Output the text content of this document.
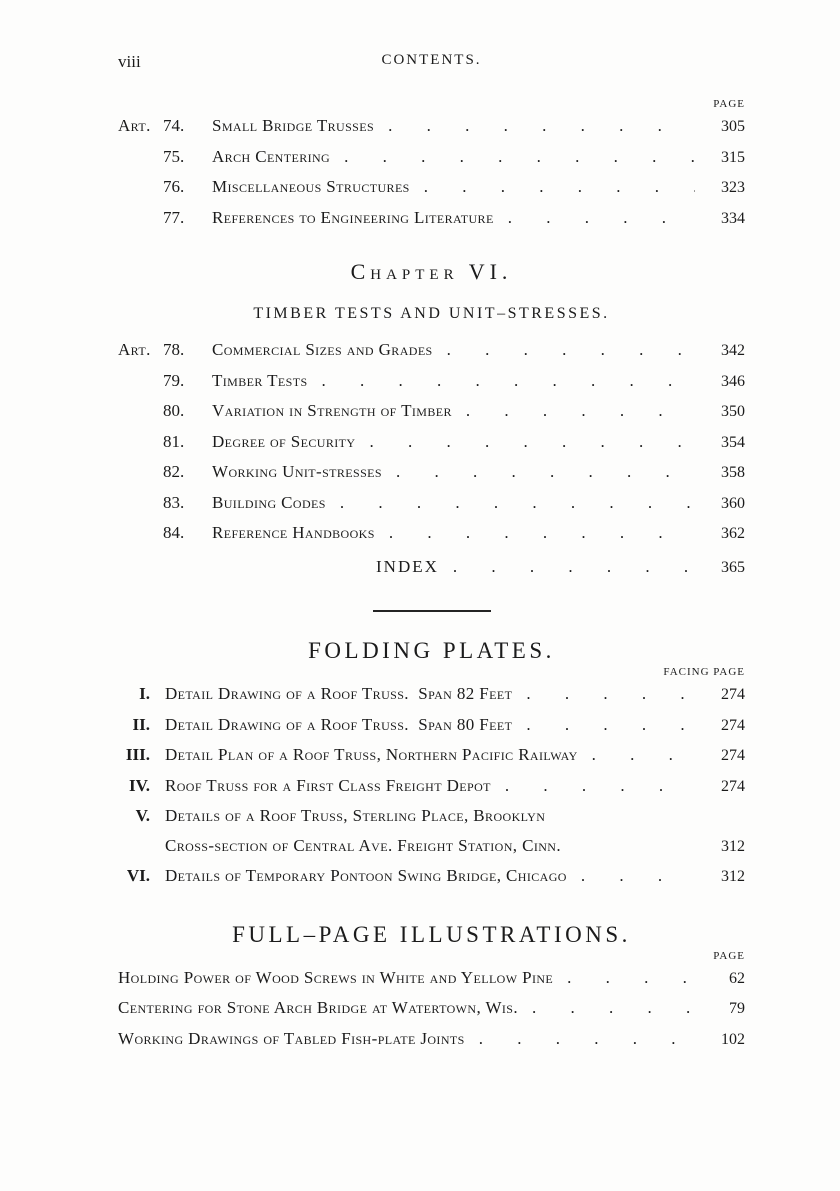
viii	CONTENTS.
PAGE
Art. 74.	Small Bridge Trusses . . .	305
75.	Arch Centering . . .	315
76.	Miscellaneous Structures . . .	323
77.	References to Engineering Literature . . .	334
Chapter VI.
TIMBER TESTS AND UNIT–STRESSES.
Art. 78.	Commercial Sizes and Grades . . .	342
79.	Timber Tests . . .	346
80.	Variation in Strength of Timber . . .	350
81.	Degree of Security . . .	354
82.	Working Unit-stresses . . .	358
83.	Building Codes . . .	360
84.	Reference Handbooks . . .	362
INDEX . . .	365
FOLDING PLATES.
FACING PAGE
I. Detail Drawing of a Roof Truss.  Span 82 Feet . . .	274
II. Detail Drawing of a Roof Truss.  Span 80 Feet . . .	274
III. Detail Plan of a Roof Truss, Northern Pacific Railway . . .	274
IV. Roof Truss for a First Class Freight Depot . . .	274
V. Details of a Roof Truss, Sterling Place, Brooklyn
Cross-section of Central Ave. Freight Station, Cinn.	312
VI. Details of Temporary Pontoon Swing Bridge, Chicago . . .	312
FULL–PAGE ILLUSTRATIONS.
PAGE
Holding Power of Wood Screws in White and Yellow Pine . . .	62
Centering for Stone Arch Bridge at Watertown, Wis. . . .	79
Working Drawings of Tabled Fish-plate Joints . . .	102
